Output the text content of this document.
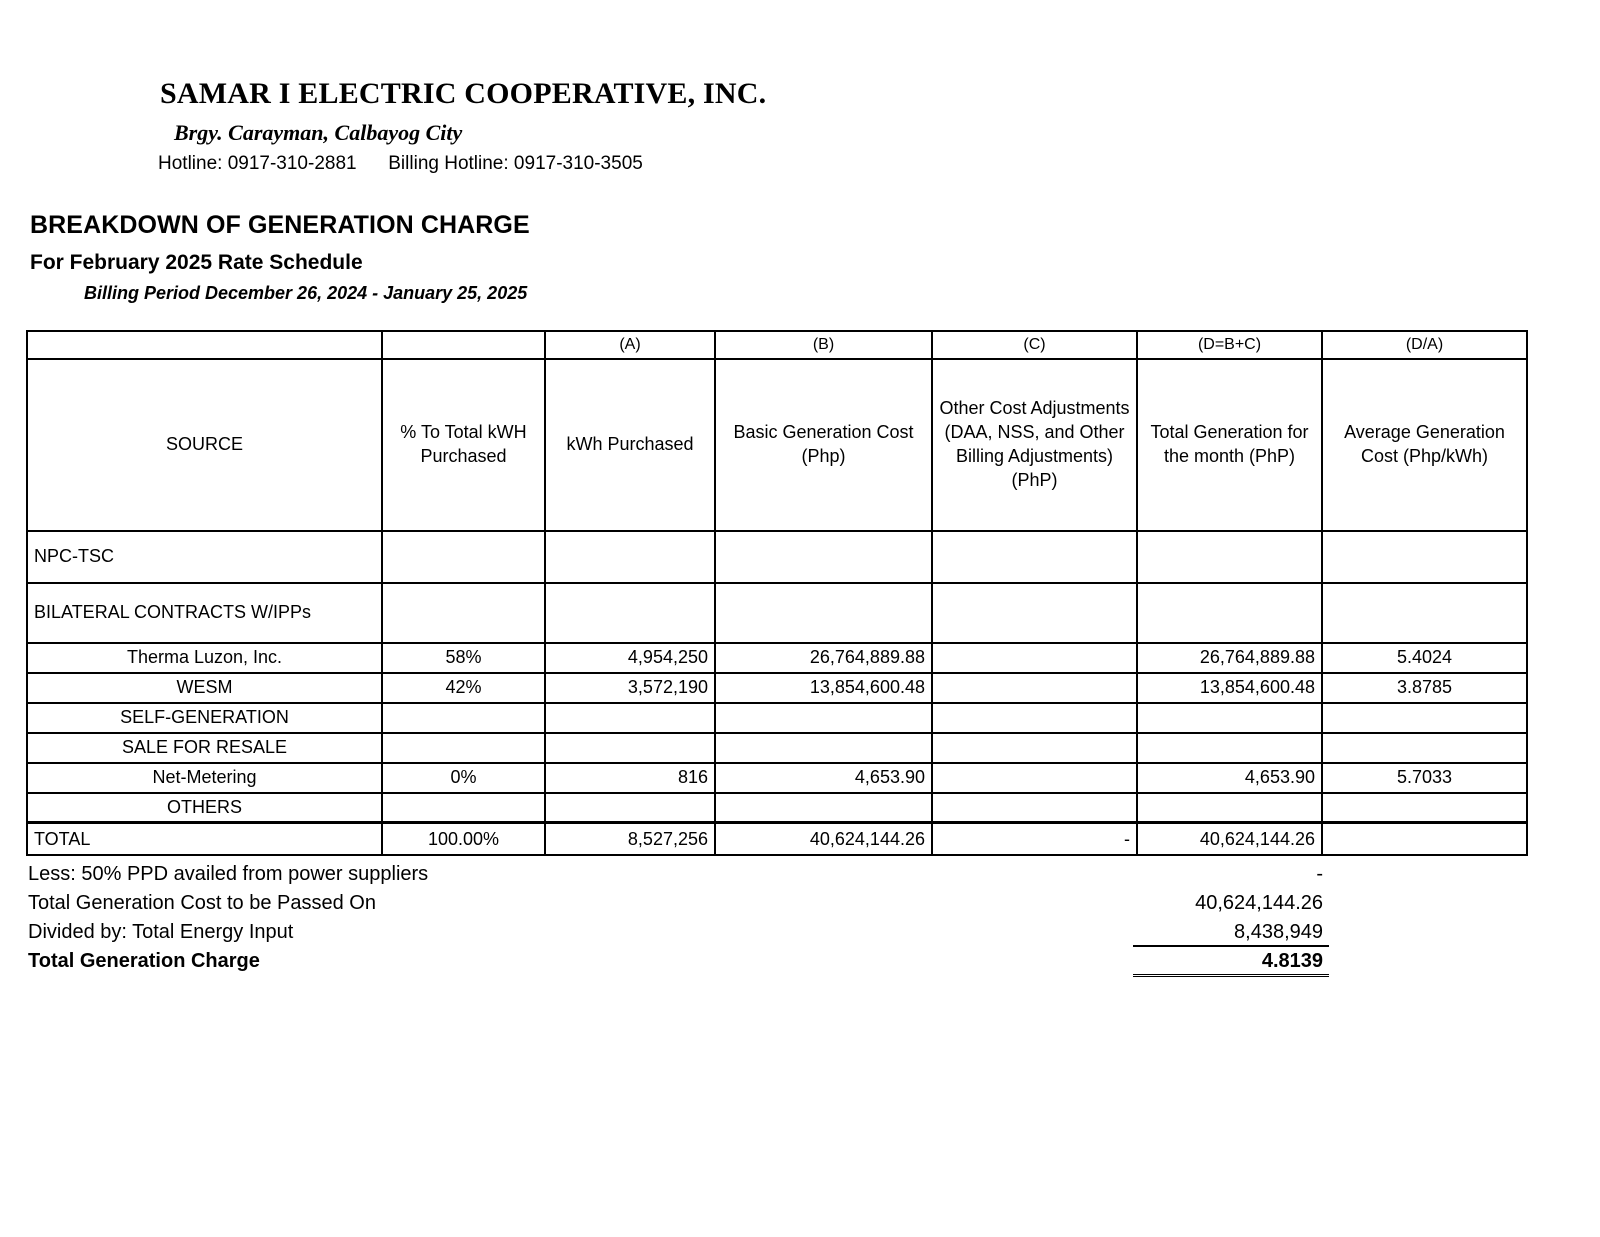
SAMAR I ELECTRIC COOPERATIVE, INC.
Brgy. Carayman, Calbayog City
Hotline: 0917-310-2881      Billing Hotline: 0917-310-3505
BREAKDOWN OF GENERATION CHARGE
For February 2025 Rate Schedule
Billing Period December 26, 2024 - January 25, 2025
		(A)	(B)	(C)	(D=B+C)	(D/A)
SOURCE	% To Total kWH Purchased	kWh Purchased	Basic Generation Cost (Php)	Other Cost Adjustments (DAA, NSS, and Other Billing Adjustments) (PhP)	Total Generation for the month (PhP)	Average Generation Cost (Php/kWh)
NPC-TSC						
BILATERAL CONTRACTS W/IPPs						
Therma Luzon, Inc.	58%	4,954,250	26,764,889.88		26,764,889.88	5.4024
WESM	42%	3,572,190	13,854,600.48		13,854,600.48	3.8785
SELF-GENERATION						
SALE FOR RESALE						
Net-Metering	0%	816	4,653.90		4,653.90	5.7033
OTHERS						
TOTAL	100.00%	8,527,256	40,624,144.26	-	40,624,144.26	
Less: 50% PPD availed from power suppliers	-
Total Generation Cost to be Passed On	40,624,144.26
Divided by: Total Energy Input	8,438,949
Total Generation Charge	4.8139
